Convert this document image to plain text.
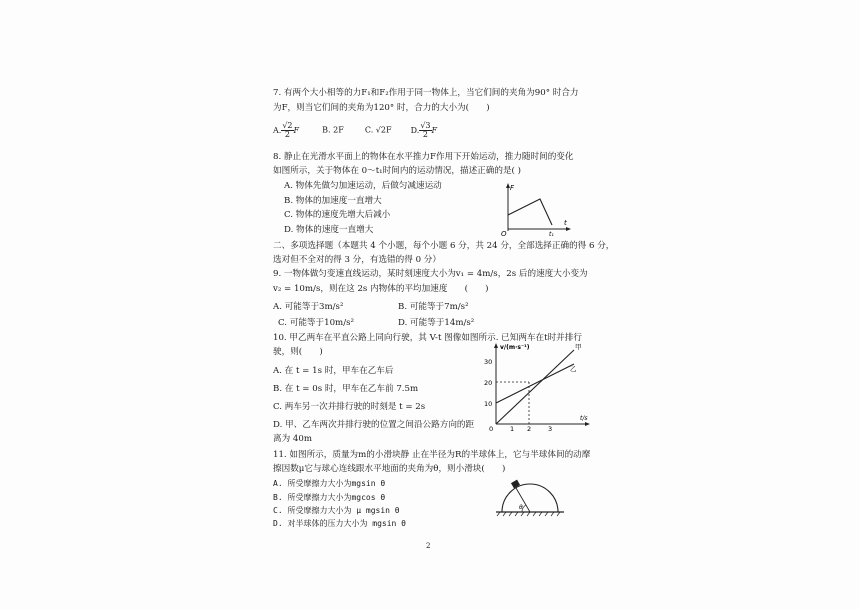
7. 有两个大小相等的力F₁和F₂作用于同一物体上，当它们间的夹角为90° 时合力
为F，则当它们间的夹角为120° 时，合力的大小为(　　)
A. $\frac{√2}{2}$ F	B. 2F	C. √2F D. $\frac{√3}{2}$ F
8. 静止在光滑水平面上的物体在水平推力F作用下开始运动，推力随时间的变化
如图所示，关于物体在 0～t₁时间内的运动情况，描述正确的是( )
A. 物体先做匀加速运动，后做匀减速运动
B. 物体的加速度一直增大
C. 物体的速度先增大后减小
D. 物体的速度一直增大
F
t
O	t₁
二、多项选择题（本题共 4 个小题，每个小题 6 分，共 24 分，全部选择正确的得 6 分，
选对但不全对的得 3 分，有选错的得 0 分）
9. 一物体做匀变速直线运动，某时刻速度大小为v₁ = 4m/s，2s 后的速度大小变为
v₂ = 10m/s，则在这 2s 内物体的平均加速度　　(　　)
A. 可能等于3m/s²	B. 可能等于7m/s²
C. 可能等于10m/s²	D. 可能等于14m/s²
10. 甲乙两车在平直公路上同向行驶，其 V-t 图像如图所示. 已知两车在t时并排行
驶，则(　　)
A. 在 t = 1s 时，甲车在乙车后
B. 在 t = 0s 时，甲车在乙车前 7.5m
C. 两车另一次并排行驶的时刻是 t = 2s
D. 甲、乙车两次并排行驶的位置之间沿公路方向的距
离为 40m
10
20
30
0	1 2	3
v/(m·s⁻¹)
t/s
甲
乙
11. 如图所示，质量为m的小滑块静 止在半径为R的半球体上，它与半球体间的动摩
擦因数μ它与球心连线跟水平地面的夹角为θ，则小滑块(　　)
A. 所受摩擦力大小为mgsin θ
B. 所受摩擦力大小为mgcos θ
C. 所受摩擦力大小为 μ mgsin θ
D. 对半球体的压力大小为 mgsin θ
θ
2
